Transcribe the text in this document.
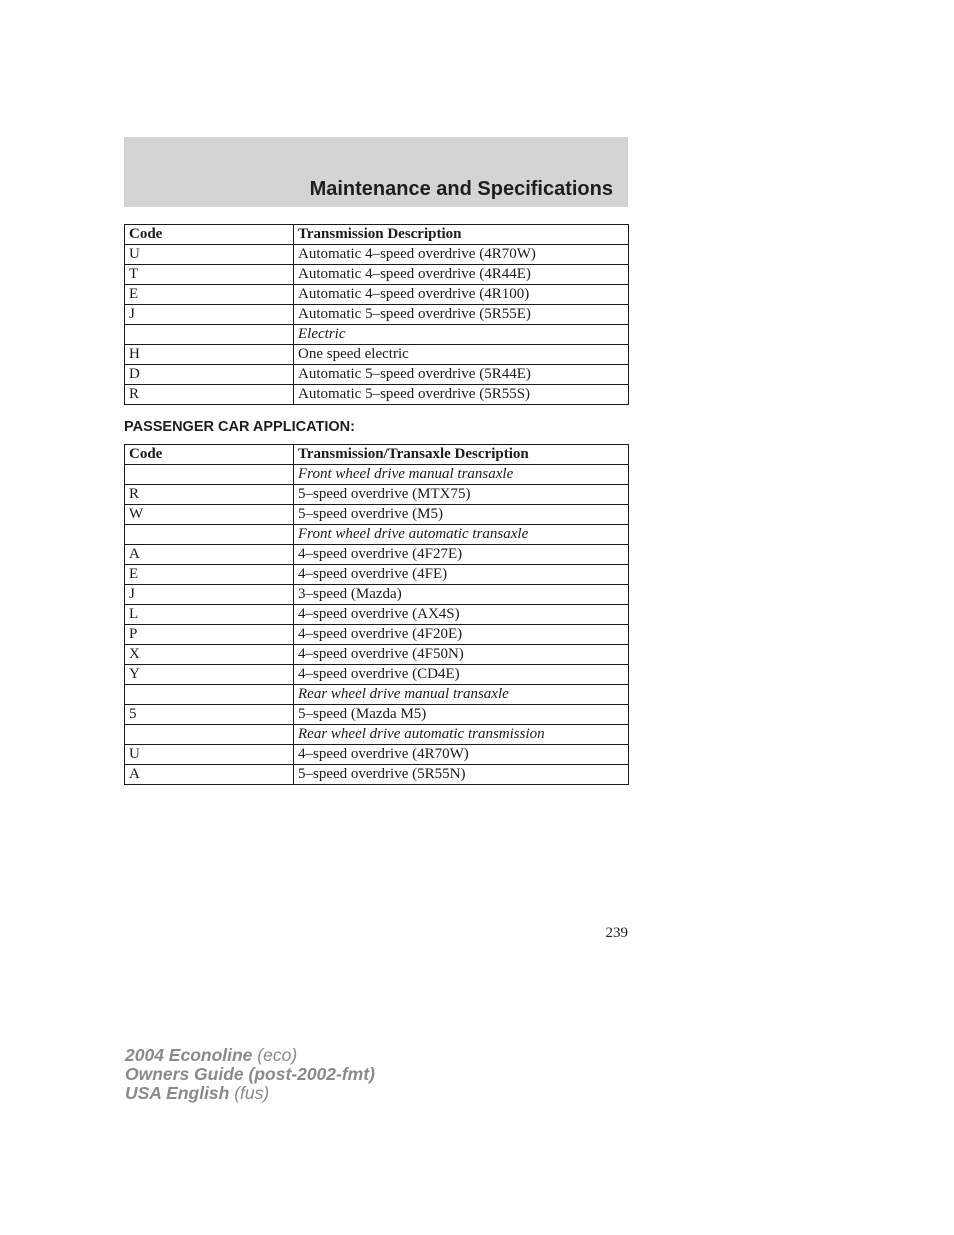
Maintenance and Specifications
Code	Transmission Description
U	Automatic 4–speed overdrive (4R70W)
T	Automatic 4–speed overdrive (4R44E)
E	Automatic 4–speed overdrive (4R100)
J	Automatic 5–speed overdrive (5R55E)
	Electric
H	One speed electric
D	Automatic 5–speed overdrive (5R44E)
R	Automatic 5–speed overdrive (5R55S)
PASSENGER CAR APPLICATION:
Code	Transmission/Transaxle Description
	Front wheel drive manual transaxle
R	5–speed overdrive (MTX75)
W	5–speed overdrive (M5)
	Front wheel drive automatic transaxle
A	4–speed overdrive (4F27E)
E	4–speed overdrive (4FE)
J	3–speed (Mazda)
L	4–speed overdrive (AX4S)
P	4–speed overdrive (4F20E)
X	4–speed overdrive (4F50N)
Y	4–speed overdrive (CD4E)
	Rear wheel drive manual transaxle
5	5–speed (Mazda M5)
	Rear wheel drive automatic transmission
U	4–speed overdrive (4R70W)
A	5–speed overdrive (5R55N)
239
2004 Econoline (eco)
Owners Guide (post-2002-fmt)
USA English (fus)
